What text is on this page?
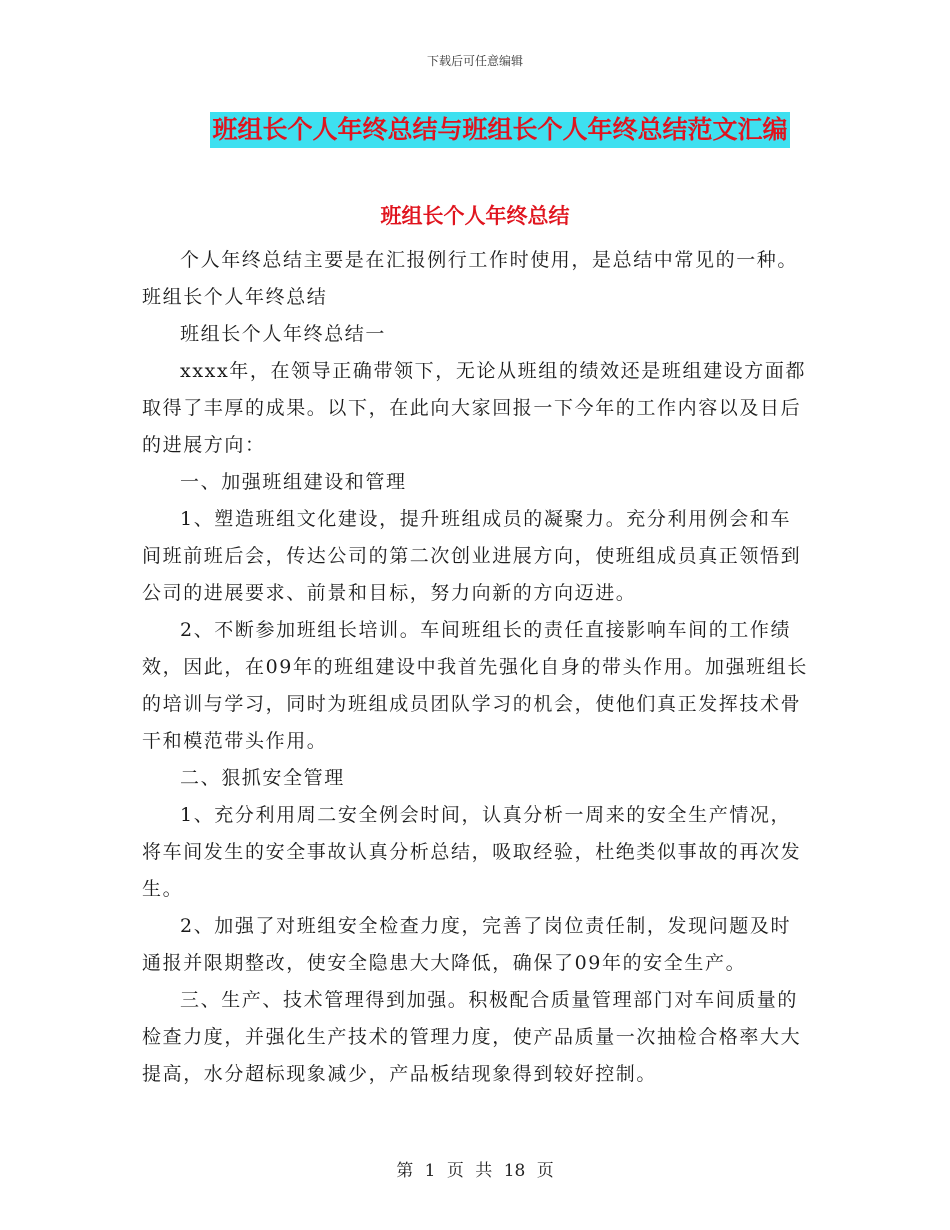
下载后可任意编辑
班组长个人年终总结与班组长个人年终总结范文汇编
班组长个人年终总结

个人年终总结主要是在汇报例行工作时使用，是总结中常见的一种。班组长个人年终总结

班组长个人年终总结一

xxxx年，在领导正确带领下，无论从班组的绩效还是班组建设方面都取得了丰厚的成果。以下，在此向大家回报一下今年的工作内容以及日后的进展方向：

一、加强班组建设和管理

1、塑造班组文化建设，提升班组成员的凝聚力。充分利用例会和车间班前班后会，传达公司的第二次创业进展方向，使班组成员真正领悟到公司的进展要求、前景和目标，努力向新的方向迈进。

2、不断参加班组长培训。车间班组长的责任直接影响车间的工作绩效，因此，在09年的班组建设中我首先强化自身的带头作用。加强班组长的培训与学习，同时为班组成员团队学习的机会，使他们真正发挥技术骨干和模范带头作用。

二、狠抓安全管理

1、充分利用周二安全例会时间，认真分析一周来的安全生产情况，将车间发生的安全事故认真分析总结，吸取经验，杜绝类似事故的再次发生。

2、加强了对班组安全检查力度，完善了岗位责任制，发现问题及时通报并限期整改，使安全隐患大大降低，确保了09年的安全生产。

三、生产、技术管理得到加强。积极配合质量管理部门对车间质量的检查力度，并强化生产技术的管理力度，使产品质量一次抽检合格率大大提高，水分超标现象减少，产品板结现象得到较好控制。

第 1 页 共 18 页
